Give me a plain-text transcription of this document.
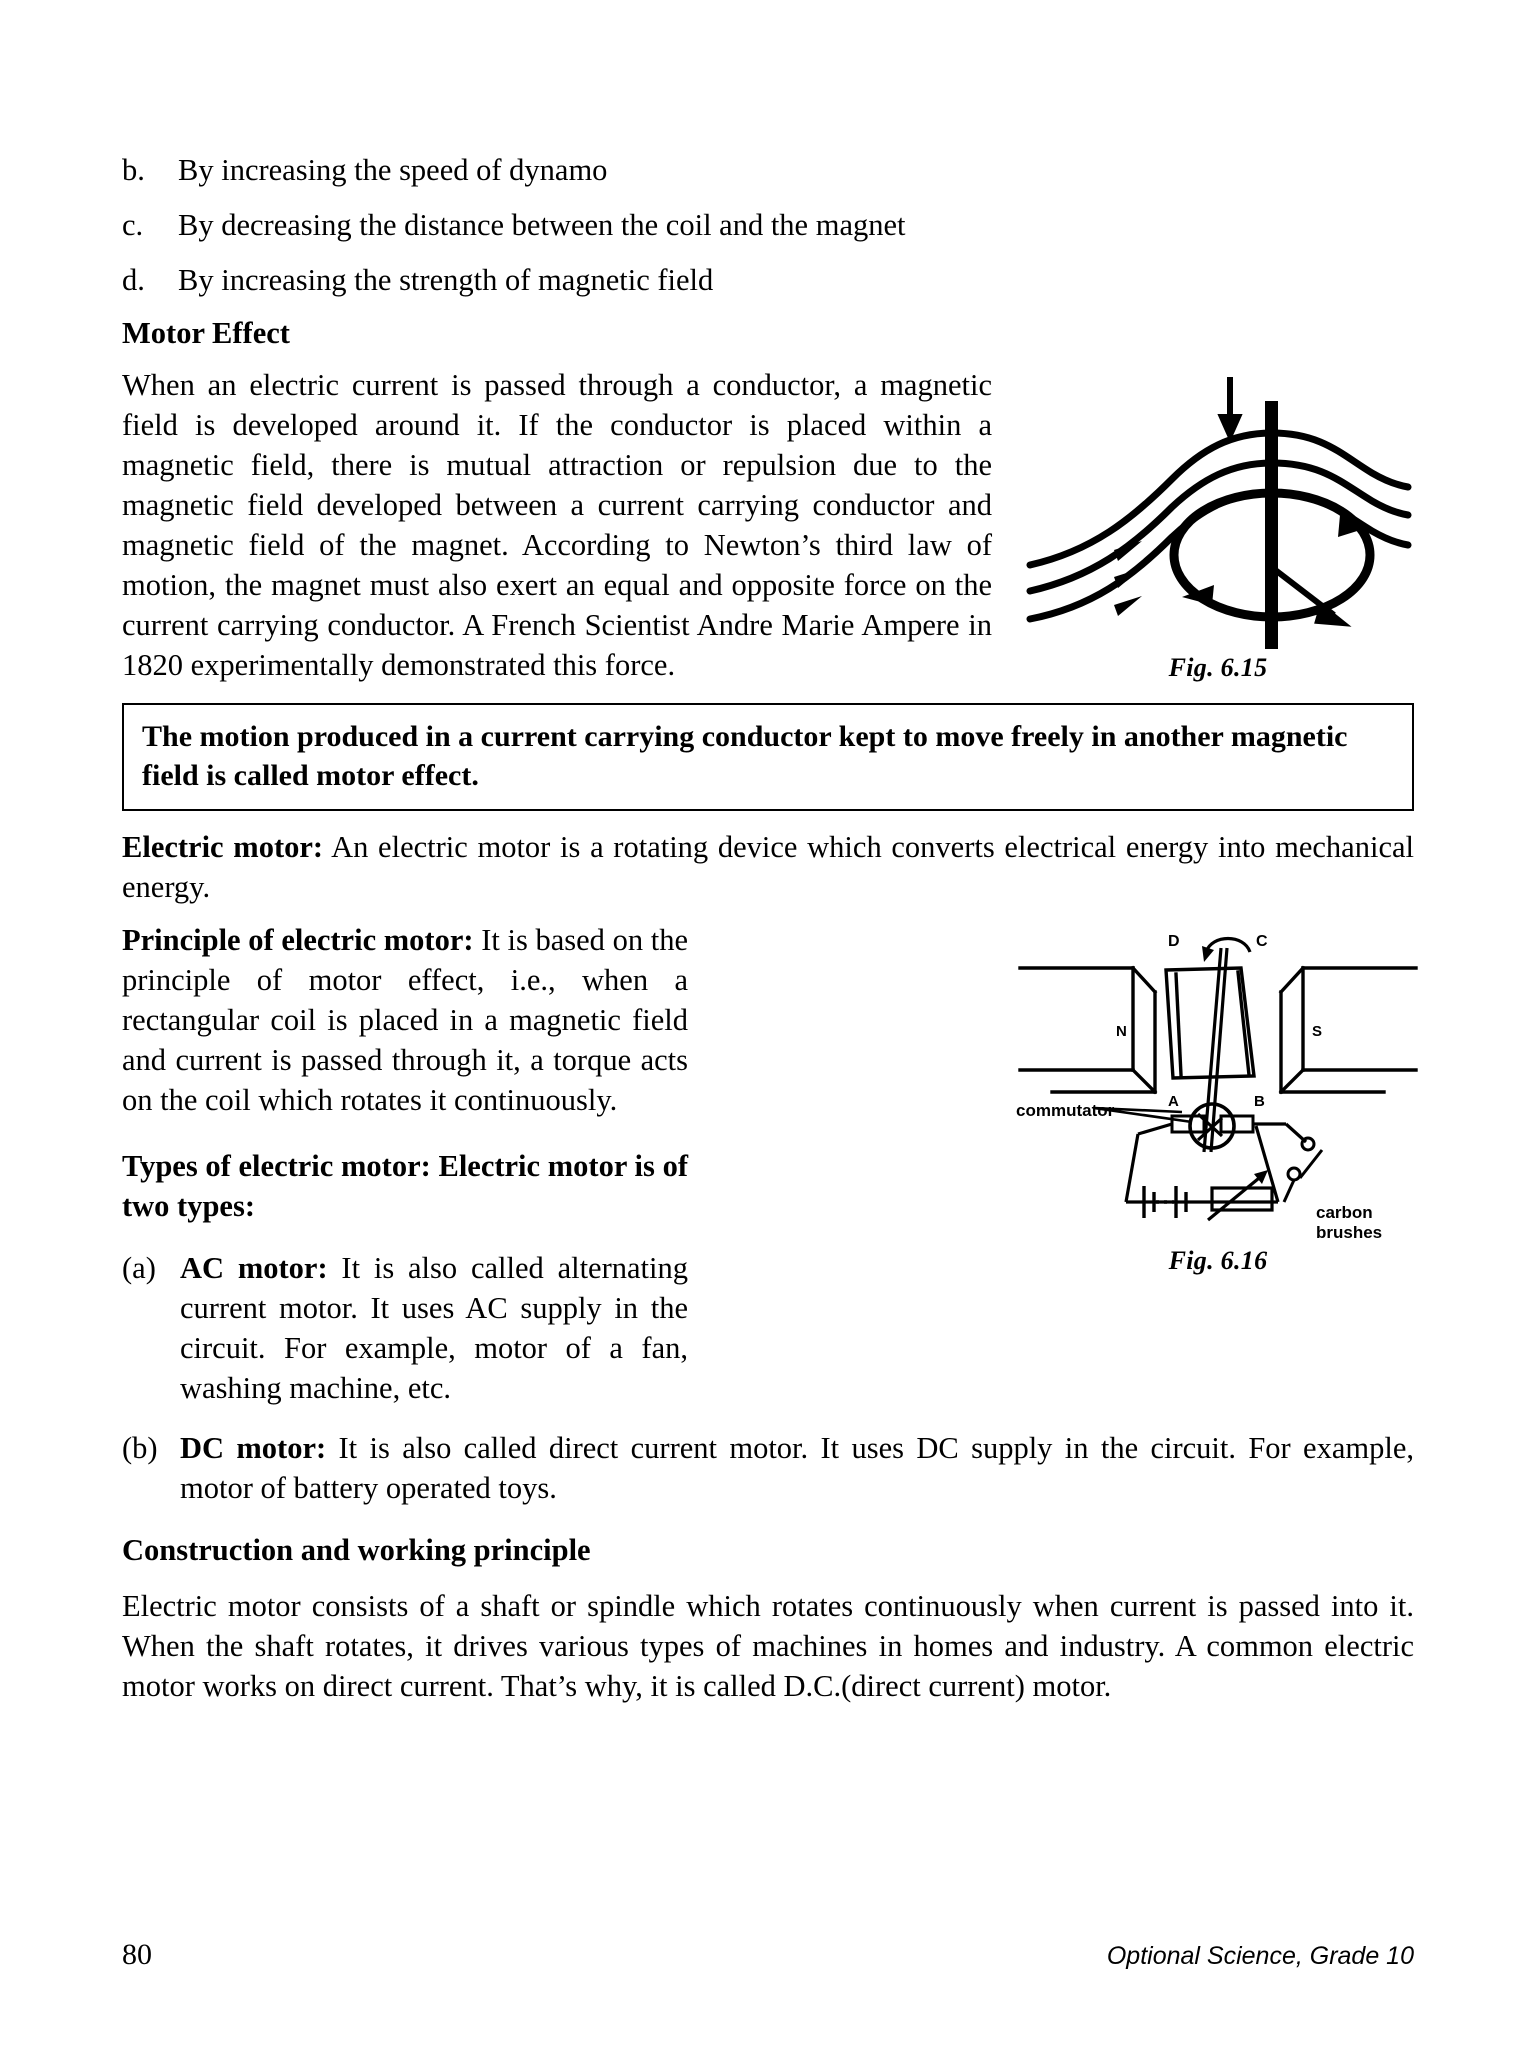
b.	By increasing the speed of dynamo
c.	By decreasing the distance between the coil and the magnet
d.	By increasing the strength of magnetic field
Motor Effect
Fig. 6.15

When an electric current is passed through a conductor, a magnetic field is developed around it. If the conductor is placed within a magnetic field, there is mutual attraction or repulsion due to the magnetic field developed between a current carrying conductor and magnetic field of the magnet. According to Newton’s third law of motion, the magnet must also exert an equal and opposite force on the current carrying conductor. A French Scientist Andre Marie Ampere in 1820 experimentally demonstrated this force.

The motion produced in a current carrying conductor kept to move freely in another magnetic field is called motor effect.

Electric motor: An electric motor is a rotating device which converts electrical energy into mechanical energy.

D	C
N	S
A	B
commutator
carbon
brushes
Fig. 6.16

Principle of electric motor: It is based on the principle of motor effect, i.e., when a rectangular coil is placed in a magnetic field and current is passed through it, a torque acts on the coil which rotates it continuously.

Types of electric motor: Electric motor is of two types:

(a) AC motor: It is also called alternating current motor. It uses AC supply in the circuit. For example, motor of a fan, washing machine, etc.
(b) DC motor: It is also called direct current motor. It uses DC supply in the circuit. For example, motor of battery operated toys.
Construction and working principle

Electric motor consists of a shaft or spindle which rotates continuously when current is passed into it. When the shaft rotates, it drives various types of machines in homes and industry. A common electric motor works on direct current. That’s why, it is called D.C.(direct current) motor.

80	Optional Science, Grade 10
